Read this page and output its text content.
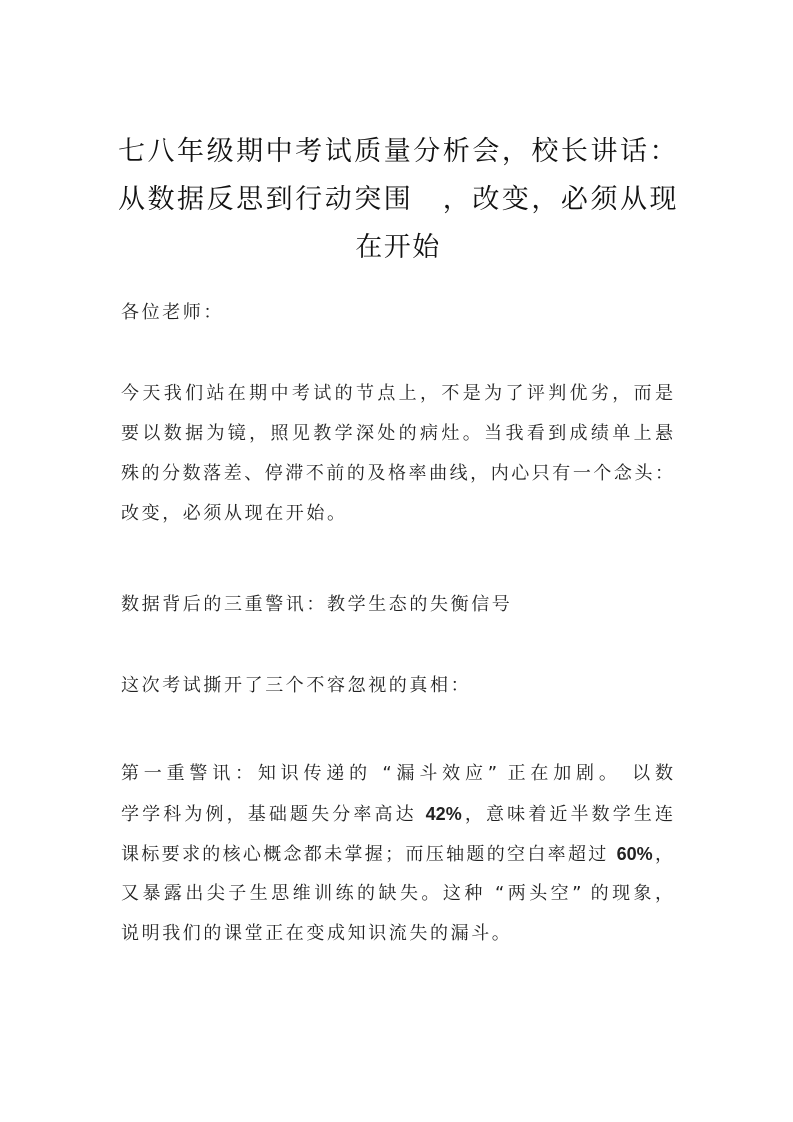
七八年级期中考试质量分析会，校长讲话：
从数据反思到行动突围　，改变，必须从现
在开始
各位老师：
今天我们站在期中考试的节点上，不是为了评判优劣，而是
要以数据为镜，照见教学深处的病灶。当我看到成绩单上悬
殊的分数落差、停滞不前的及格率曲线，内心只有一个念头：
改变，必须从现在开始。
数据背后的三重警讯：教学生态的失衡信号
这次考试撕开了三个不容忽视的真相：
第一重警讯：知识传递的 “漏斗效应” 正在加剧。 以数
学学科为例，基础题失分率高达 42%，意味着近半数学生连
课标要求的核心概念都未掌握；而压轴题的空白率超过 60%，
又暴露出尖子生思维训练的缺失。这种 “两头空” 的现象，
说明我们的课堂正在变成知识流失的漏斗。
